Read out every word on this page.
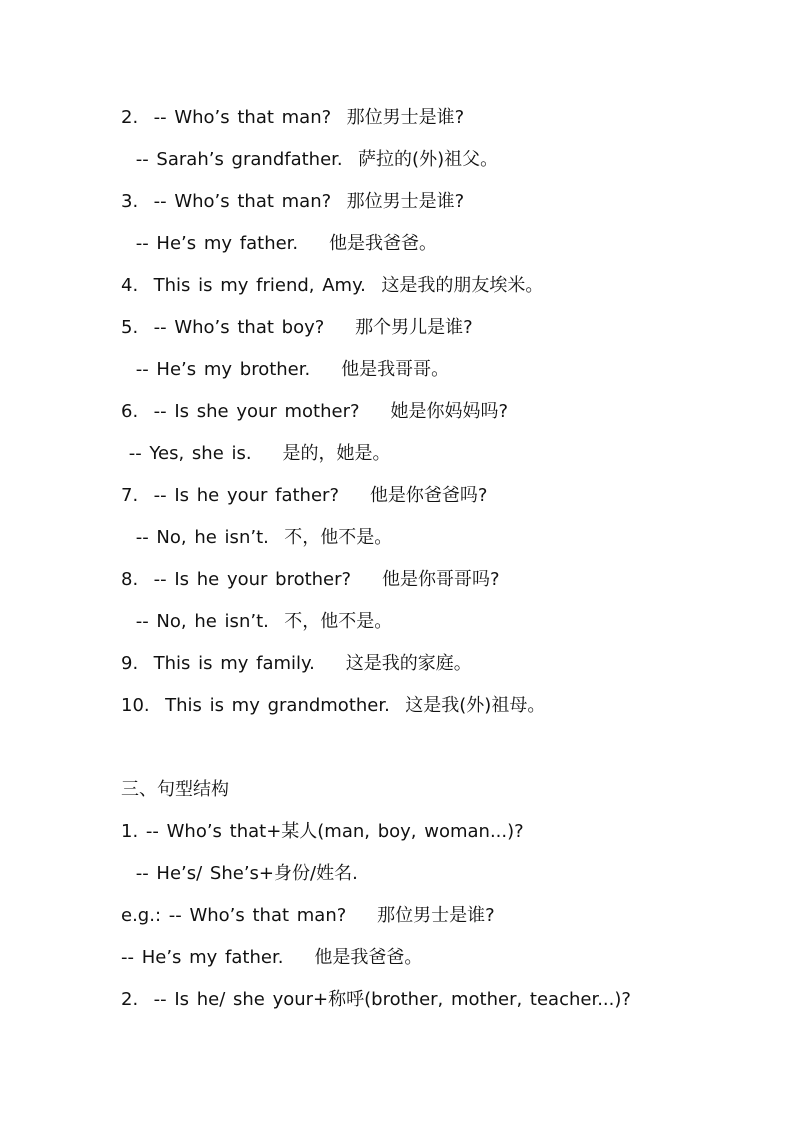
2.  -- Who’s that man?  那位男士是谁?
-- Sarah’s grandfather.  萨拉的(外)祖父。
3.  -- Who’s that man?  那位男士是谁?
-- He’s my father.    他是我爸爸。
4.  This is my friend, Amy.  这是我的朋友埃米。
5.  -- Who’s that boy?    那个男儿是谁?
-- He’s my brother.    他是我哥哥。
6.  -- Is she your mother?    她是你妈妈吗?
-- Yes, she is.    是的，她是。
7.  -- Is he your father?    他是你爸爸吗?
-- No, he isn’t.  不，他不是。
8.  -- Is he your brother?    他是你哥哥吗?
-- No, he isn’t.  不，他不是。
9.  This is my family.    这是我的家庭。
10.  This is my grandmother.  这是我(外)祖母。
三、句型结构
1. -- Who’s that+某人(man, boy, woman...)?
-- He’s/ She’s+身份/姓名.
e.g.: -- Who’s that man?    那位男士是谁?
-- He’s my father.    他是我爸爸。
2.  -- Is he/ she your+称呼(brother, mother, teacher...)?
